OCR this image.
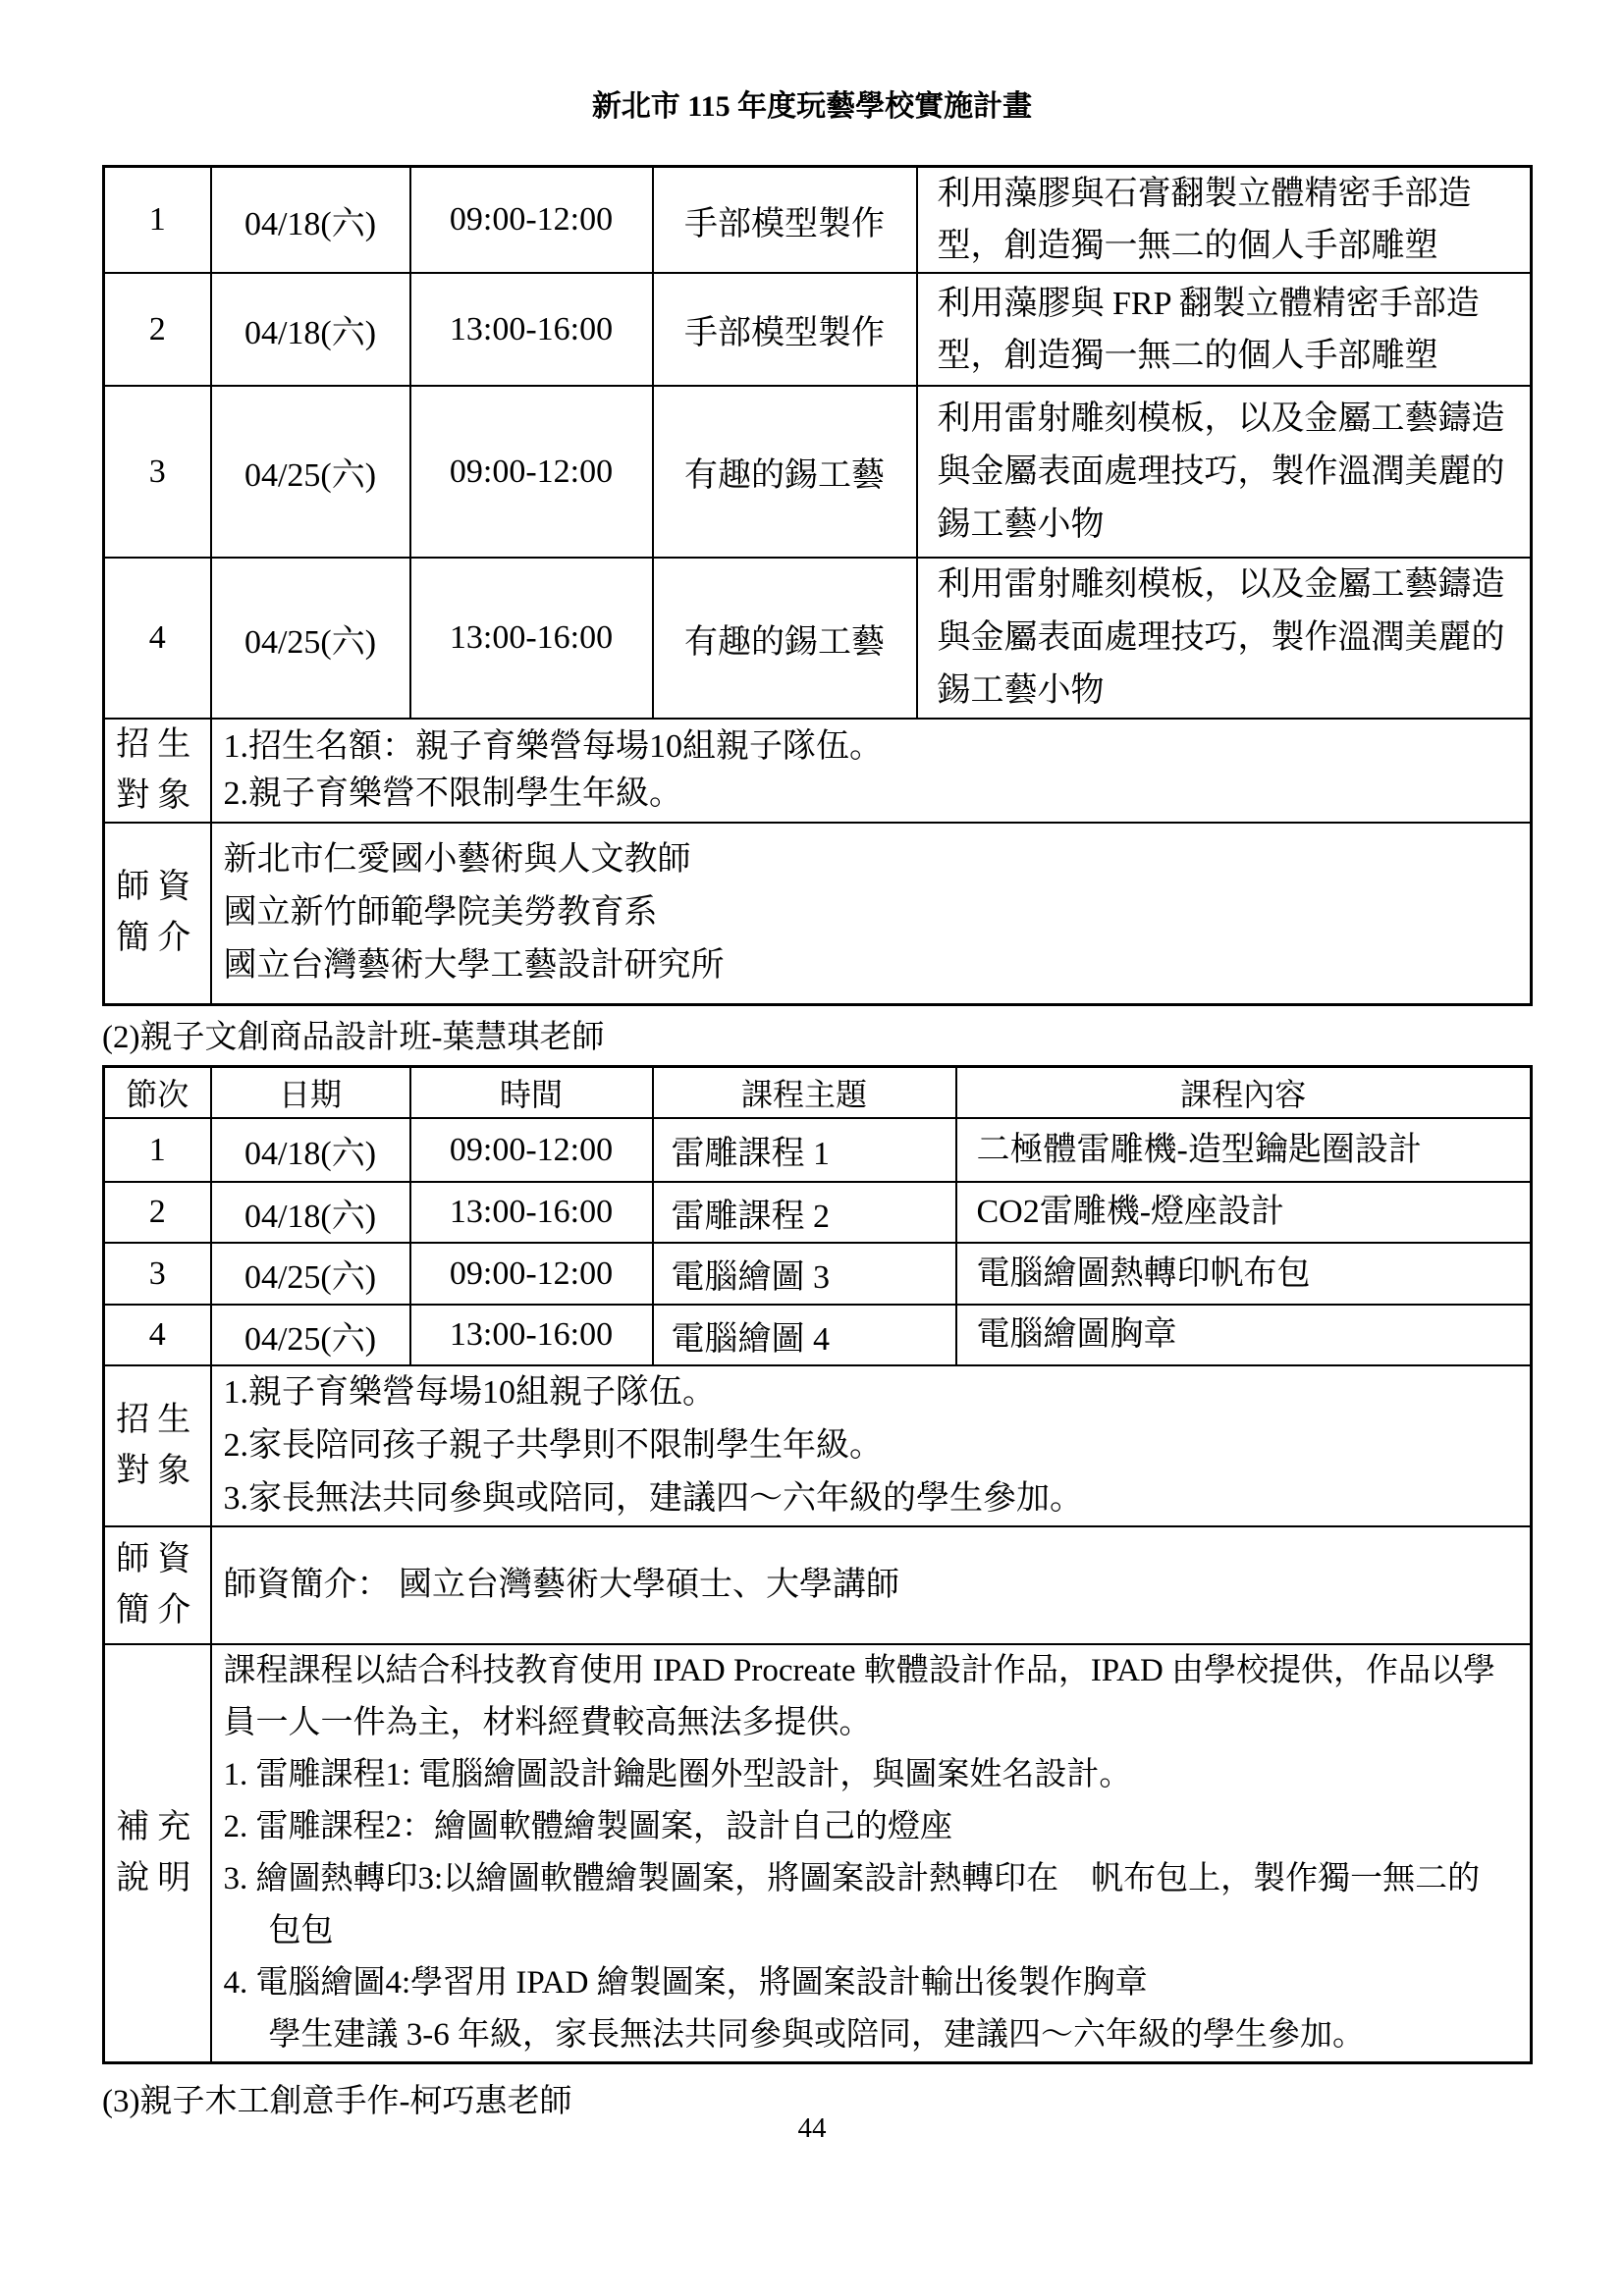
新北市 115 年度玩藝學校實施計畫
1	04/18(六)	09:00-12:00	手部模型製作	利用藻膠與石膏翻製立體精密手部造
型，創造獨一無二的個人手部雕塑

2	04/18(六)	13:00-16:00	手部模型製作	利用藻膠與 FRP 翻製立體精密手部造
型，創造獨一無二的個人手部雕塑

3	04/25(六)	09:00-12:00	有趣的錫工藝	利用雷射雕刻模板，以及金屬工藝鑄造
與金屬表面處理技巧，製作溫潤美麗的
錫工藝小物

4	04/25(六)	13:00-16:00	有趣的錫工藝	利用雷射雕刻模板，以及金屬工藝鑄造
與金屬表面處理技巧，製作溫潤美麗的
錫工藝小物

招生
對象

1.招生名額：親子育樂營每場10組親子隊伍。
2.親子育樂營不限制學生年級。

師資
簡介

新北市仁愛國小藝術與人文教師
國立新竹師範學院美勞教育系
國立台灣藝術大學工藝設計研究所
(2)親子文創商品設計班-葉慧琪老師
節次	日期	時間	課程主題	課程內容
1	04/18(六)	09:00-12:00	雷雕課程 1	二極體雷雕機-造型鑰匙圈設計

2	04/18(六)	13:00-16:00	雷雕課程 2	CO2雷雕機-燈座設計

3	04/25(六)	09:00-12:00	電腦繪圖 3	電腦繪圖熱轉印帆布包

4	04/25(六)	13:00-16:00	電腦繪圖 4	電腦繪圖胸章

招生
對象

1.親子育樂營每場10組親子隊伍。
2.家長陪同孩子親子共學則不限制學生年級。
3.家長無法共同參與或陪同，建議四～六年級的學生參加。

師資
簡介	師資簡介： 國立台灣藝術大學碩士、大學講師			

補充
說明

課程課程以結合科技教育使用 IPAD Procreate 軟體設計作品，IPAD 由學校提供，作品以學
員一人一件為主，材料經費較高無法多提供。
1. 雷雕課程1: 電腦繪圖設計鑰匙圈外型設計，與圖案姓名設計。
2. 雷雕課程2：繪圖軟體繪製圖案，設計自己的燈座
3. 繪圖熱轉印3:以繪圖軟體繪製圖案，將圖案設計熱轉印在　帆布包上，製作獨一無二的
包包
4. 電腦繪圖4:學習用 IPAD 繪製圖案，將圖案設計輸出後製作胸章
學生建議 3-6 年級，家長無法共同參與或陪同，建議四～六年級的學生參加。
(3)親子木工創意手作-柯巧惠老師
44
